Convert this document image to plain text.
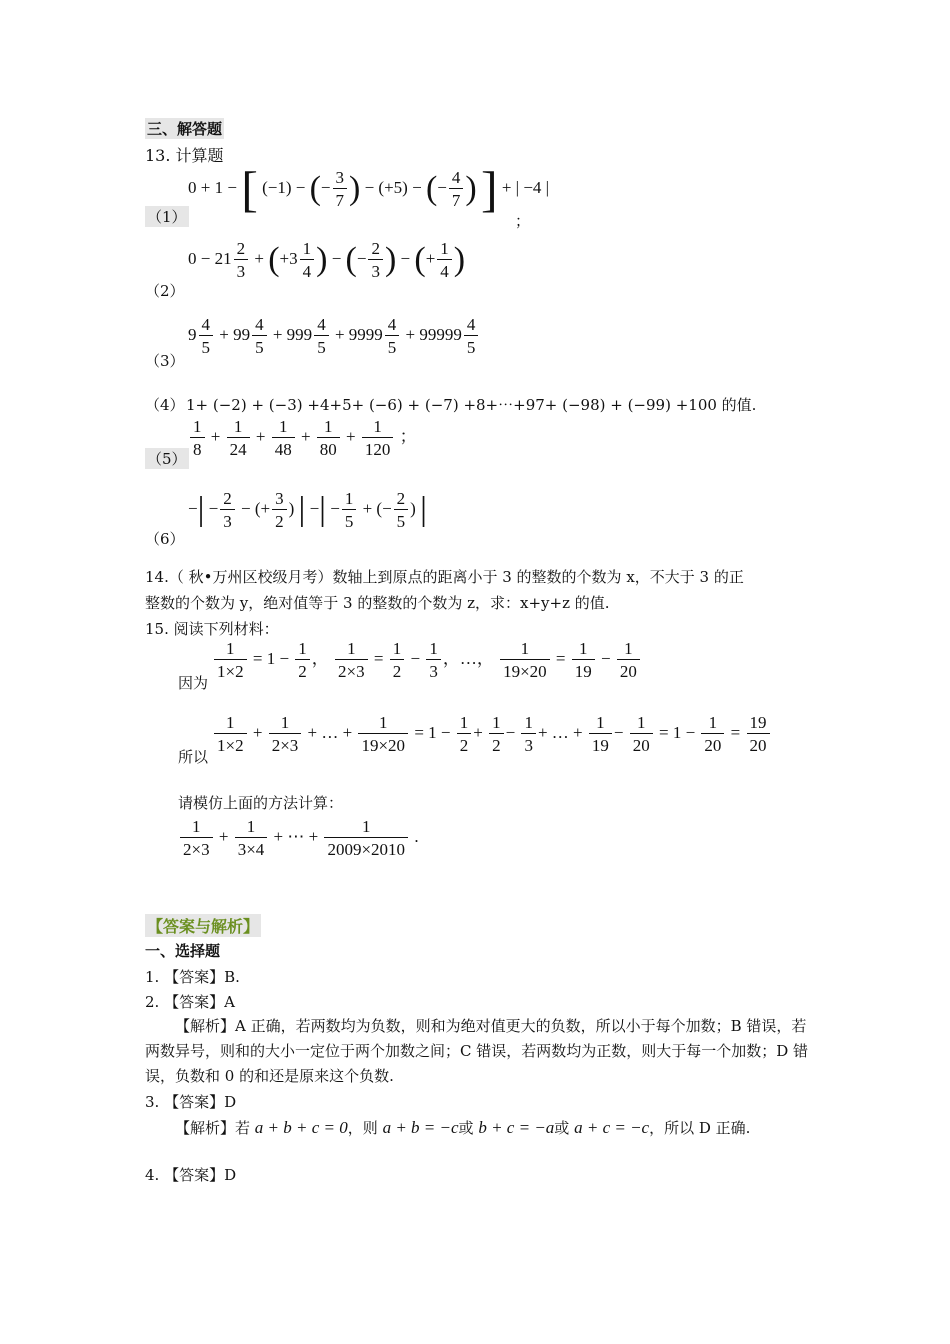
三、解答题
13. 计算题
（1）
0 + 1 − [ (−1) − (− $\frac{3}{7}$ ) − (+5) − (− $\frac{4}{7}$ ) ] + | −4 |
；
（2）
$0 - 21 \frac{2}{3} + (+3 \frac{1}{4}$ ) − (− $\frac{2}{3}$ ) − (+ $\frac{1}{4}$ )
（3）
$9 \frac{4}{5} + 99 \frac{4}{5} + 999 \frac{4}{5} + 9999 \frac{4}{5} + 99999 \frac{4}{5}$
（4） 1+ (−2) + (−3) +4+5+ (−6) + (−7) +8+⋯+97+ (−98) + (−99) +100 的值.
（5）
$\frac{1}{8} + \frac{1}{24} + \frac{1}{48} + \frac{1}{80} + \frac{1}{120}$ ；
（6）
−| − $\frac{2}{3}$ − (+ $\frac{3}{2}$ ) | −| − $\frac{1}{5}$ + (− $\frac{2}{5}$ ) |
14.（ 秋•万州区校级月考）数轴上到原点的距离小于 3 的整数的个数为 x，不大于 3 的正
整数的个数为 y，绝对值等于 3 的整数的个数为 z，求：x+y+z 的值.
15. 阅读下列材料：
因为
$\frac{1}{1\times 2} = 1 - \frac{1}{2}$ ， $\frac{1}{2\times 3} = \frac{1}{2} - \frac{1}{3}$ ，…， $\frac{1}{19\times 20} = \frac{1}{19} - \frac{1}{20}$
所以
$\frac{1}{1\times 2} + \frac{1}{2\times 3}$ + … + $\frac{1}{19\times 20} = 1 - \frac{1}{2} + \frac{1}{2} - \frac{1}{3}$ + … + $\frac{1}{19} - \frac{1}{20} = 1 - \frac{1}{20} = \frac{19}{20}$
请模仿上面的方法计算：
$\frac{1}{2\times 3} + \frac{1}{3\times 4}$ + ⋯ + $\frac{1}{2009\times 2010}$ .
【答案与解析】
一、选择题
1. 【答案】B.
2. 【答案】A
【解析】A 正确，若两数均为负数，则和为绝对值更大的负数，所以小于每个加数；B 错误，若两数异号，则和的大小一定位于两个加数之间；C 错误，若两数均为正数，则大于每一个加数；D 错误，负数和 0 的和还是原来这个负数.
3. 【答案】D
【解析】若 a + b + c = 0，则 a + b = −c或 b + c = −a或 a + c = −c，所以 D 正确.
4. 【答案】D
